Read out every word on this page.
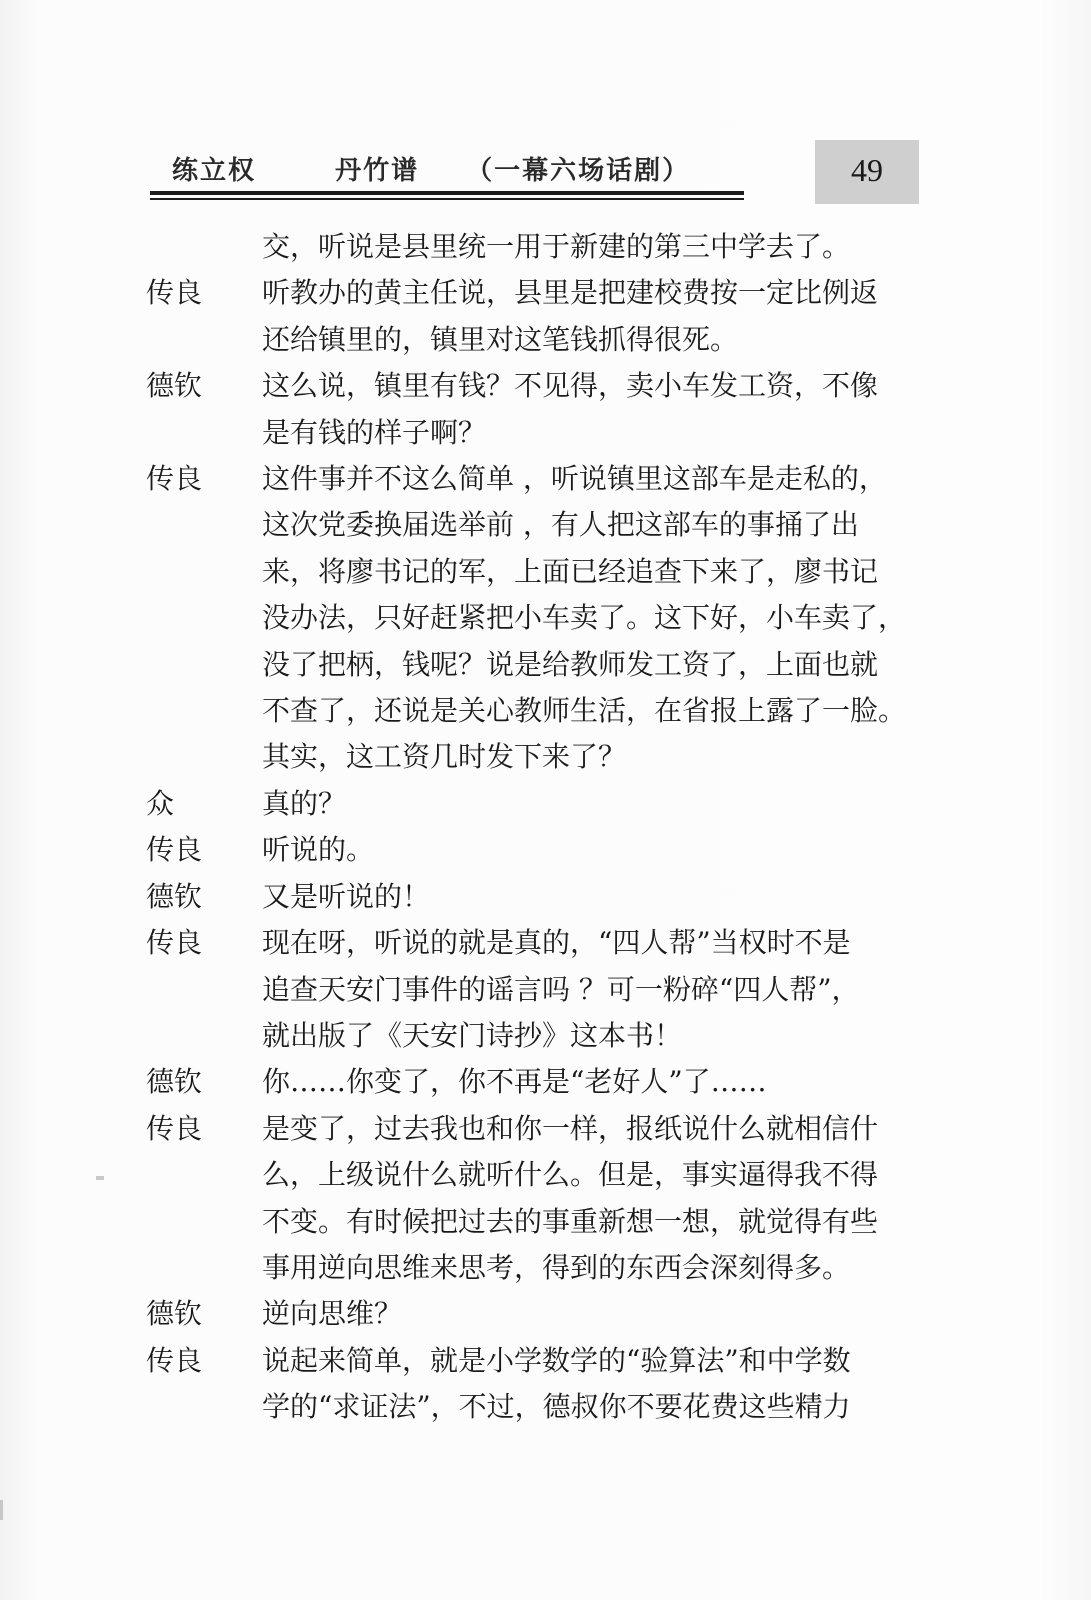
练立权	丹竹谱 （一幕六场话剧）	49

交，听说是县里统一用于新建的第三中学去了。

传良	听教办的黄主任说，县里是把建校费按一定比例返

还给镇里的，镇里对这笔钱抓得很死。

德钦	这么说，镇里有钱？不见得，卖小车发工资，不像

是有钱的样子啊？

传良	这件事并不这么简单 ，听说镇里这部车是走私的，

这次党委换届选举前 ，有人把这部车的事捅了出

来，将廖书记的军，上面已经追查下来了，廖书记

没办法，只好赶紧把小车卖了。这下好，小车卖了，

没了把柄，钱呢？说是给教师发工资了，上面也就

不查了，还说是关心教师生活，在省报上露了一脸。

其实，这工资几时发下来了？

众	真的？

传良	听说的。

德钦	又是听说的！

传良	现在呀，听说的就是真的，“四人帮”当权时不是

追查天安门事件的谣言吗 ？可一粉碎“四人帮”，

就出版了《天安门诗抄》这本书！

德钦	你……你变了，你不再是“老好人”了……

传良	是变了，过去我也和你一样，报纸说什么就相信什

么，上级说什么就听什么。但是，事实逼得我不得

不变。有时候把过去的事重新想一想，就觉得有些

事用逆向思维来思考，得到的东西会深刻得多。

德钦	逆向思维？

传良	说起来简单，就是小学数学的“验算法”和中学数

学的“求证法”，不过，德叔你不要花费这些精力
